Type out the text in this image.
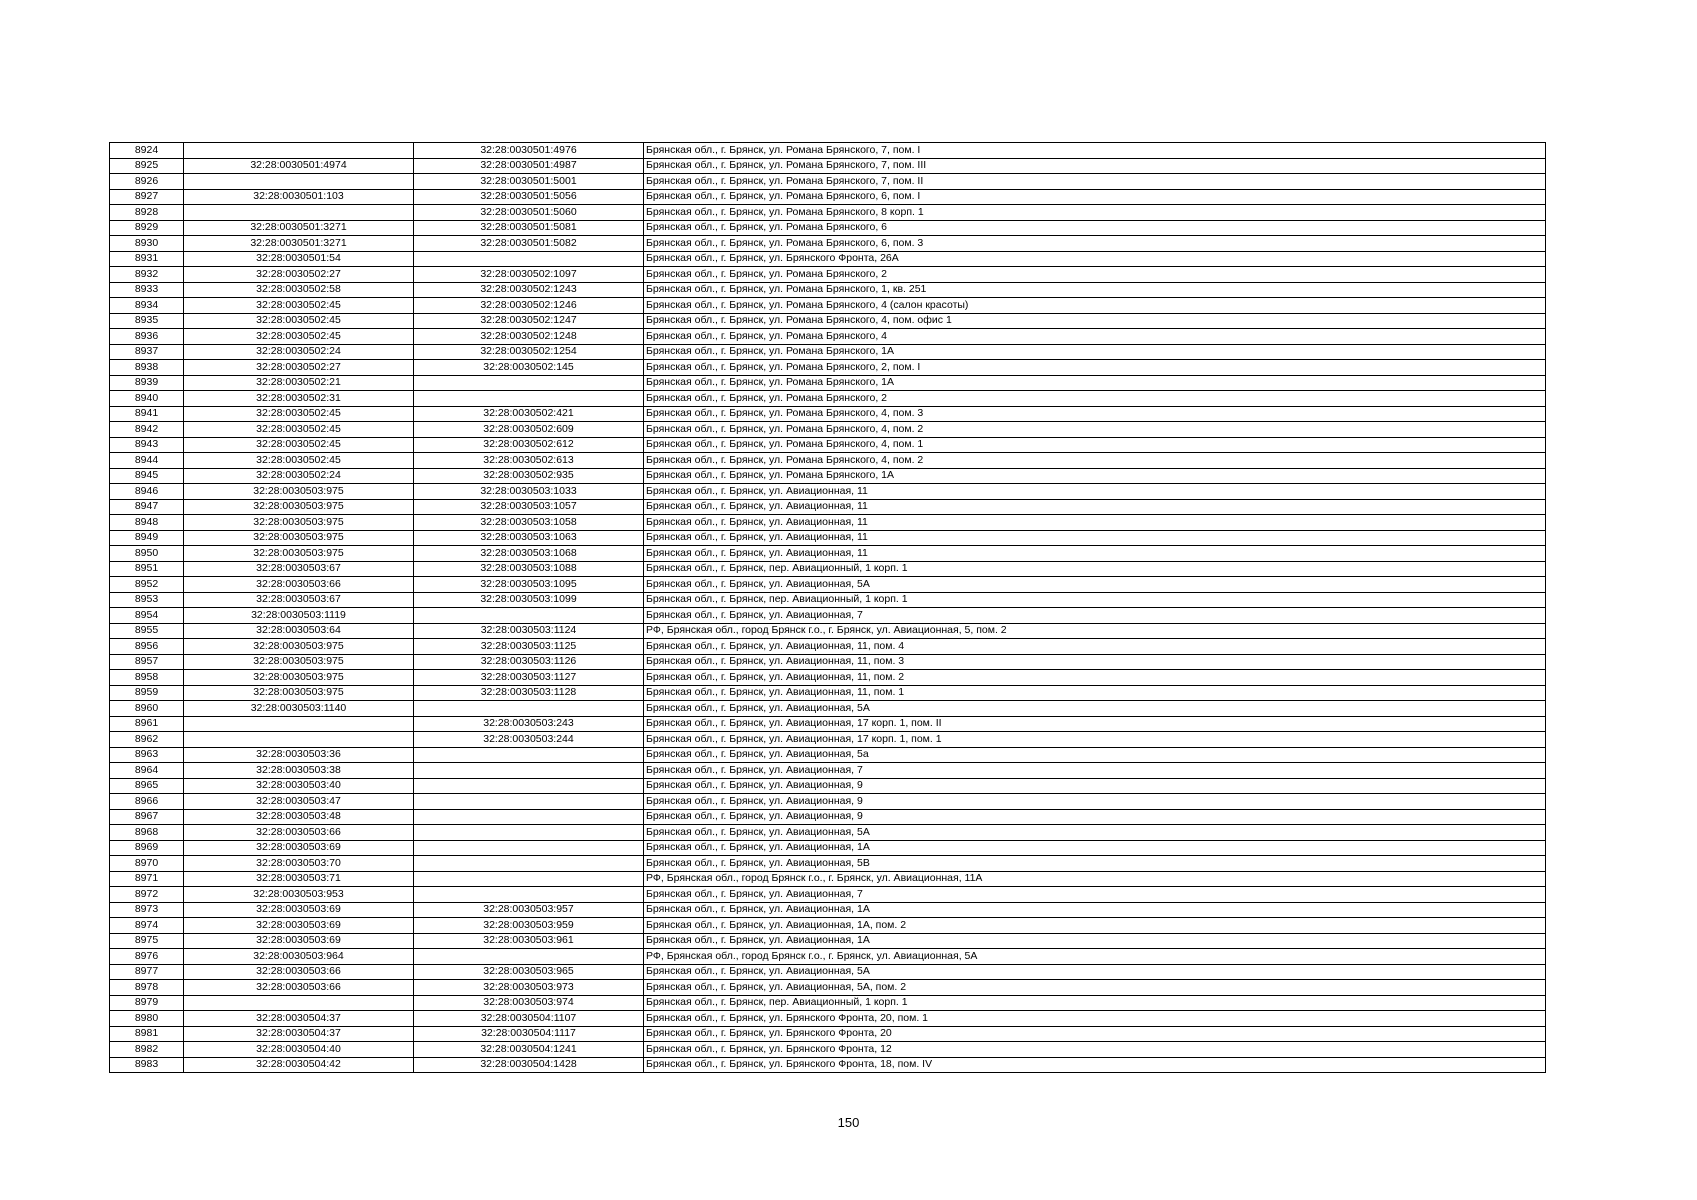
8924		32:28:0030501:4976	Брянская обл., г. Брянск, ул. Романа Брянского, 7, пом. I
8925	32:28:0030501:4974	32:28:0030501:4987	Брянская обл., г. Брянск, ул. Романа Брянского, 7, пом. III
8926		32:28:0030501:5001	Брянская обл., г. Брянск, ул. Романа Брянского, 7, пом. II
8927	32:28:0030501:103	32:28:0030501:5056	Брянская обл., г. Брянск, ул. Романа Брянского, 6, пом. I
8928		32:28:0030501:5060	Брянская обл., г. Брянск, ул. Романа Брянского, 8 корп. 1
8929	32:28:0030501:3271	32:28:0030501:5081	Брянская обл., г. Брянск, ул. Романа Брянского, 6
8930	32:28:0030501:3271	32:28:0030501:5082	Брянская обл., г. Брянск, ул. Романа Брянского, 6, пом. 3
8931	32:28:0030501:54		Брянская обл., г. Брянск, ул. Брянского Фронта, 26А
8932	32:28:0030502:27	32:28:0030502:1097	Брянская обл., г. Брянск, ул. Романа Брянского, 2
8933	32:28:0030502:58	32:28:0030502:1243	Брянская обл., г. Брянск, ул. Романа Брянского, 1, кв. 251
8934	32:28:0030502:45	32:28:0030502:1246	Брянская обл., г. Брянск, ул. Романа Брянского, 4 (салон красоты)
8935	32:28:0030502:45	32:28:0030502:1247	Брянская обл., г. Брянск, ул. Романа Брянского, 4, пом. офис 1
8936	32:28:0030502:45	32:28:0030502:1248	Брянская обл., г. Брянск, ул. Романа Брянского, 4
8937	32:28:0030502:24	32:28:0030502:1254	Брянская обл., г. Брянск, ул. Романа Брянского, 1А
8938	32:28:0030502:27	32:28:0030502:145	Брянская обл., г. Брянск, ул. Романа Брянского, 2, пом. I
8939	32:28:0030502:21		Брянская обл., г. Брянск, ул. Романа Брянского, 1А
8940	32:28:0030502:31		Брянская обл., г. Брянск, ул. Романа Брянского, 2
8941	32:28:0030502:45	32:28:0030502:421	Брянская обл., г. Брянск, ул. Романа Брянского, 4, пом. 3
8942	32:28:0030502:45	32:28:0030502:609	Брянская обл., г. Брянск, ул. Романа Брянского, 4, пом. 2
8943	32:28:0030502:45	32:28:0030502:612	Брянская обл., г. Брянск, ул. Романа Брянского, 4, пом. 1
8944	32:28:0030502:45	32:28:0030502:613	Брянская обл., г. Брянск, ул. Романа Брянского, 4, пом. 2
8945	32:28:0030502:24	32:28:0030502:935	Брянская обл., г. Брянск, ул. Романа Брянского, 1А
8946	32:28:0030503:975	32:28:0030503:1033	Брянская обл., г. Брянск, ул. Авиационная, 11
8947	32:28:0030503:975	32:28:0030503:1057	Брянская обл., г. Брянск, ул. Авиационная, 11
8948	32:28:0030503:975	32:28:0030503:1058	Брянская обл., г. Брянск, ул. Авиационная, 11
8949	32:28:0030503:975	32:28:0030503:1063	Брянская обл., г. Брянск, ул. Авиационная, 11
8950	32:28:0030503:975	32:28:0030503:1068	Брянская обл., г. Брянск, ул. Авиационная, 11
8951	32:28:0030503:67	32:28:0030503:1088	Брянская обл., г. Брянск, пер. Авиационный, 1 корп. 1
8952	32:28:0030503:66	32:28:0030503:1095	Брянская обл., г. Брянск, ул. Авиационная, 5А
8953	32:28:0030503:67	32:28:0030503:1099	Брянская обл., г. Брянск, пер. Авиационный, 1 корп. 1
8954	32:28:0030503:1119		Брянская обл., г. Брянск, ул. Авиационная, 7
8955	32:28:0030503:64	32:28:0030503:1124	РФ, Брянская обл., город Брянск г.о., г. Брянск, ул. Авиационная, 5, пом. 2
8956	32:28:0030503:975	32:28:0030503:1125	Брянская обл., г. Брянск, ул. Авиационная, 11, пом. 4
8957	32:28:0030503:975	32:28:0030503:1126	Брянская обл., г. Брянск, ул. Авиационная, 11, пом. 3
8958	32:28:0030503:975	32:28:0030503:1127	Брянская обл., г. Брянск, ул. Авиационная, 11, пом. 2
8959	32:28:0030503:975	32:28:0030503:1128	Брянская обл., г. Брянск, ул. Авиационная, 11, пом. 1
8960	32:28:0030503:1140		Брянская обл., г. Брянск, ул. Авиационная, 5А
8961		32:28:0030503:243	Брянская обл., г. Брянск, ул. Авиационная, 17 корп. 1, пом. II
8962		32:28:0030503:244	Брянская обл., г. Брянск, ул. Авиационная, 17 корп. 1, пом. 1
8963	32:28:0030503:36		Брянская обл., г. Брянск, ул. Авиационная, 5а
8964	32:28:0030503:38		Брянская обл., г. Брянск, ул. Авиационная, 7
8965	32:28:0030503:40		Брянская обл., г. Брянск, ул. Авиационная, 9
8966	32:28:0030503:47		Брянская обл., г. Брянск, ул. Авиационная, 9
8967	32:28:0030503:48		Брянская обл., г. Брянск, ул. Авиационная, 9
8968	32:28:0030503:66		Брянская обл., г. Брянск, ул. Авиационная, 5А
8969	32:28:0030503:69		Брянская обл., г. Брянск, ул. Авиационная, 1А
8970	32:28:0030503:70		Брянская обл., г. Брянск, ул. Авиационная, 5В
8971	32:28:0030503:71		РФ, Брянская обл., город Брянск г.о., г. Брянск, ул. Авиационная, 11А
8972	32:28:0030503:953		Брянская обл., г. Брянск, ул. Авиационная, 7
8973	32:28:0030503:69	32:28:0030503:957	Брянская обл., г. Брянск, ул. Авиационная, 1А
8974	32:28:0030503:69	32:28:0030503:959	Брянская обл., г. Брянск, ул. Авиационная, 1А, пом. 2
8975	32:28:0030503:69	32:28:0030503:961	Брянская обл., г. Брянск, ул. Авиационная, 1А
8976	32:28:0030503:964		РФ, Брянская обл., город Брянск г.о., г. Брянск, ул. Авиационная, 5А
8977	32:28:0030503:66	32:28:0030503:965	Брянская обл., г. Брянск, ул. Авиационная, 5А
8978	32:28:0030503:66	32:28:0030503:973	Брянская обл., г. Брянск, ул. Авиационная, 5А, пом. 2
8979		32:28:0030503:974	Брянская обл., г. Брянск, пер. Авиационный, 1 корп. 1
8980	32:28:0030504:37	32:28:0030504:1107	Брянская обл., г. Брянск, ул. Брянского Фронта, 20, пом. 1
8981	32:28:0030504:37	32:28:0030504:1117	Брянская обл., г. Брянск, ул. Брянского Фронта, 20
8982	32:28:0030504:40	32:28:0030504:1241	Брянская обл., г. Брянск, ул. Брянского Фронта, 12
8983	32:28:0030504:42	32:28:0030504:1428	Брянская обл., г. Брянск, ул. Брянского Фронта, 18, пом. IV
150
